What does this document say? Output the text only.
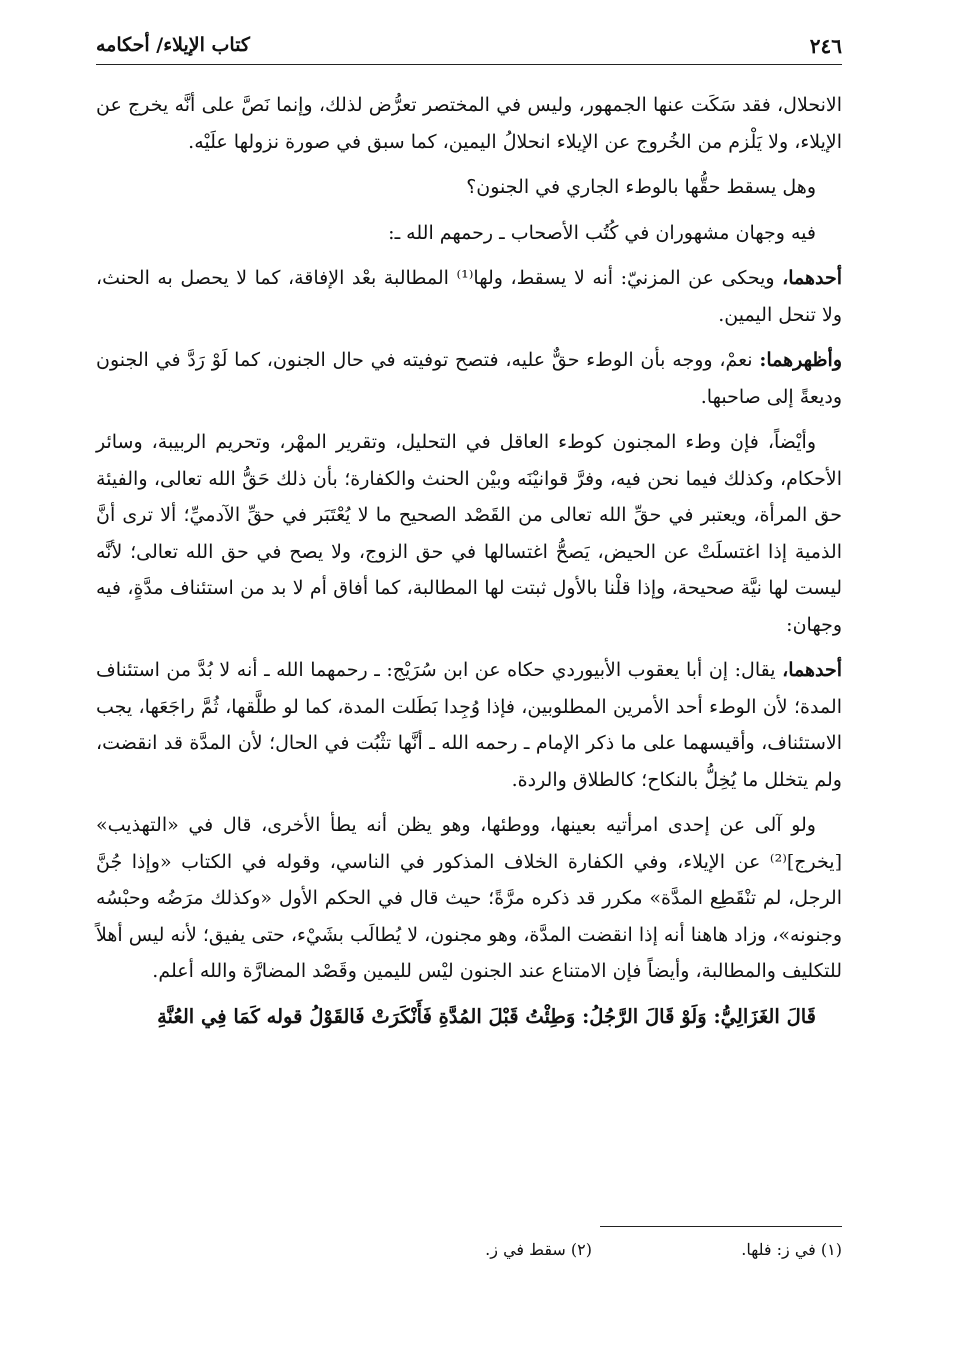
٢٤٦
كتاب الإيلاء/ أحكامه

الانحلال، فقد سَكَت عنها الجمهور، وليس في المختصر تعرُّض لذلك، وإنما نَصَّ على أنَّه يخرج عن الإيلاء، ولا يَلْزم من الخُروج عن الإيلاء انحلالُ اليمين، كما سبق في صورة نزولها علَيْه.

وهل يسقط حقُّها بالوطء الجاري في الجنون؟

فيه وجهان مشهوران في كُتُب الأصحاب ـ رحمهم الله ـ:

أحدهما، ويحكى عن المزنيّ: أنه لا يسقط، ولها⁽¹⁾ المطالبة بعْد الإفاقة، كما لا يحصل به الحنث، ولا تنحل اليمين.

وأظهرهما: نعمْ، ووجه بأن الوطء حقٌّ عليه، فتصح توفيته في حال الجنون، كما لَوْ رَدَّ في الجنون وديعةً إلى صاحبها.

وأيْضاً، فإن وطء المجنون كوطء العاقل في التحليل، وتقرير المهْر، وتحريم الربيبة، وسائر الأحكام، وكذلك فيما نحن فيه، وفرَّ قوانيْنَه وبيْن الحنث والكفارة؛ بأن ذلك حَقُّ الله تعالى، والفيئة حق المرأة، ويعتبر في حقِّ الله تعالى من القَصْد الصحيح ما لا يُعْتَبَر في حقِّ الآدميِّ؛ ألا ترى أنَّ الذمية إذا اغتسلَتْ عن الحيض، يَصحُّ اغتسالها في حق الزوج، ولا يصح في حق الله تعالى؛ لأنَّه ليست لها نيَّة صحيحة، وإذا قلْنا بالأول ثبتت لها المطالبة، كما أفاق أم لا بد من استئناف مدَّةٍ، فيه وجهان:

أحدهما، يقال: إن أبا يعقوب الأبيوردي حكاه عن ابن سُرَيْج: ـ رحمهما الله ـ أنه لا بُدَّ من استئناف المدة؛ لأن الوطء أحد الأمرين المطلوبين، فإذا وُجِدا بَطَلت المدة، كما لو طلَّقها، ثُمَّ راجَعَها، يجب الاستئناف، وأقيسهما على ما ذكر الإمام ـ رحمه الله ـ أنَّها تثْبُت في الحال؛ لأن المدَّة قد انقضت، ولم يتخلل ما يُخِلُّ بالنكاح؛ كالطلاق والردة.

ولو آلى عن إحدى امرأتيه بعينها، ووطئها، وهو يظن أنه يطأ الأخرى، قال في «التهذيب» [يخرج]⁽²⁾ عن الإيلاء، وفي الكفارة الخلاف المذكور في الناسي، وقوله في الكتاب «وإذا جُنَّ الرجل، لم تنْقَطِع المدَّة» مكرر قد ذكره مرَّةً؛ حيث قال في الحكم الأول «وكذلك مرَضُه وحبْسُه وجنونه»، وزاد هاهنا أنه إذا انقضت المدَّة، وهو مجنون، لا يُطالَب بشَيْء، حتى يفيق؛ لأنه ليس أهلاً للتكليف والمطالبة، وأيضاً فإن الامتناع عند الجنون ليْس لليمين وقَصْد المضارَّة والله أعلم.

قَالَ الغَزَالِيُّ: وَلَوْ قَالَ الرَّجُلُ: وَطِئْتُ قَبْلَ المُدَّةِ فَأَنْكَرَتْ فَالقَوْلُ قوله كَمَا فِي العُنَّةِ

(١) في ز: فلها.
(٢) سقط في ز.
